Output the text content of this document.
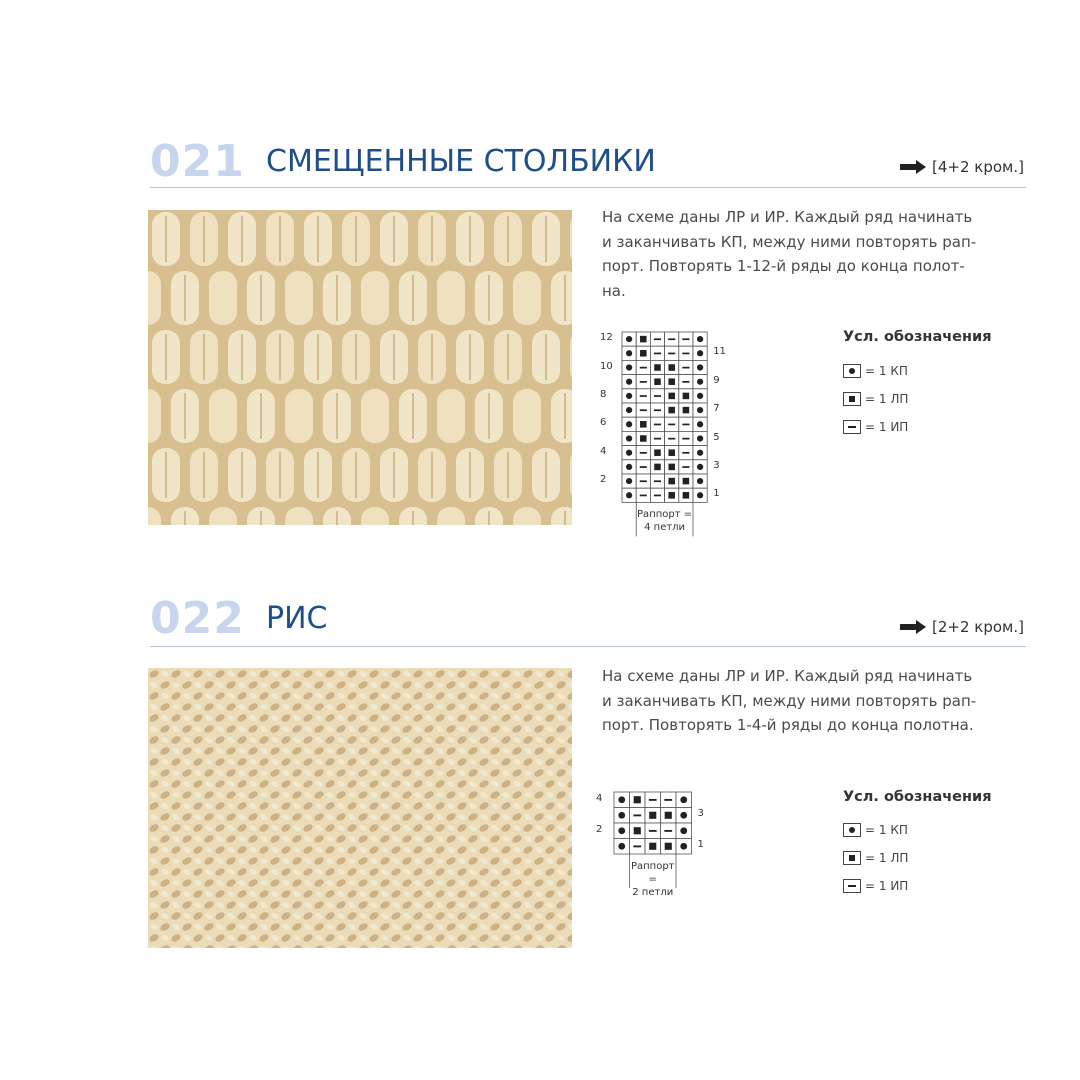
021 СМЕЩЕННЫЕ СТОЛБИКИ	[4+2 кром.]
На схеме даны ЛР и ИР. Каждый ряд начинать
и заканчивать КП, между ними повторять рап-
порт. Повторять 1-12-й ряды до конца полот-
на.
12
10
8
6
4
2
11
9
7
5
3
1
Раппорт =
4 петли
Усл. обозначения
= 1 КП
= 1 ЛП
= 1 ИП
022 РИС	[2+2 кром.]
На схеме даны ЛР и ИР. Каждый ряд начинать
и заканчивать КП, между ними повторять рап-
порт. Повторять 1-4-й ряды до конца полотна.
4
2
3
1
Раппорт =
2 петли
Усл. обозначения
= 1 КП
= 1 ЛП
= 1 ИП
